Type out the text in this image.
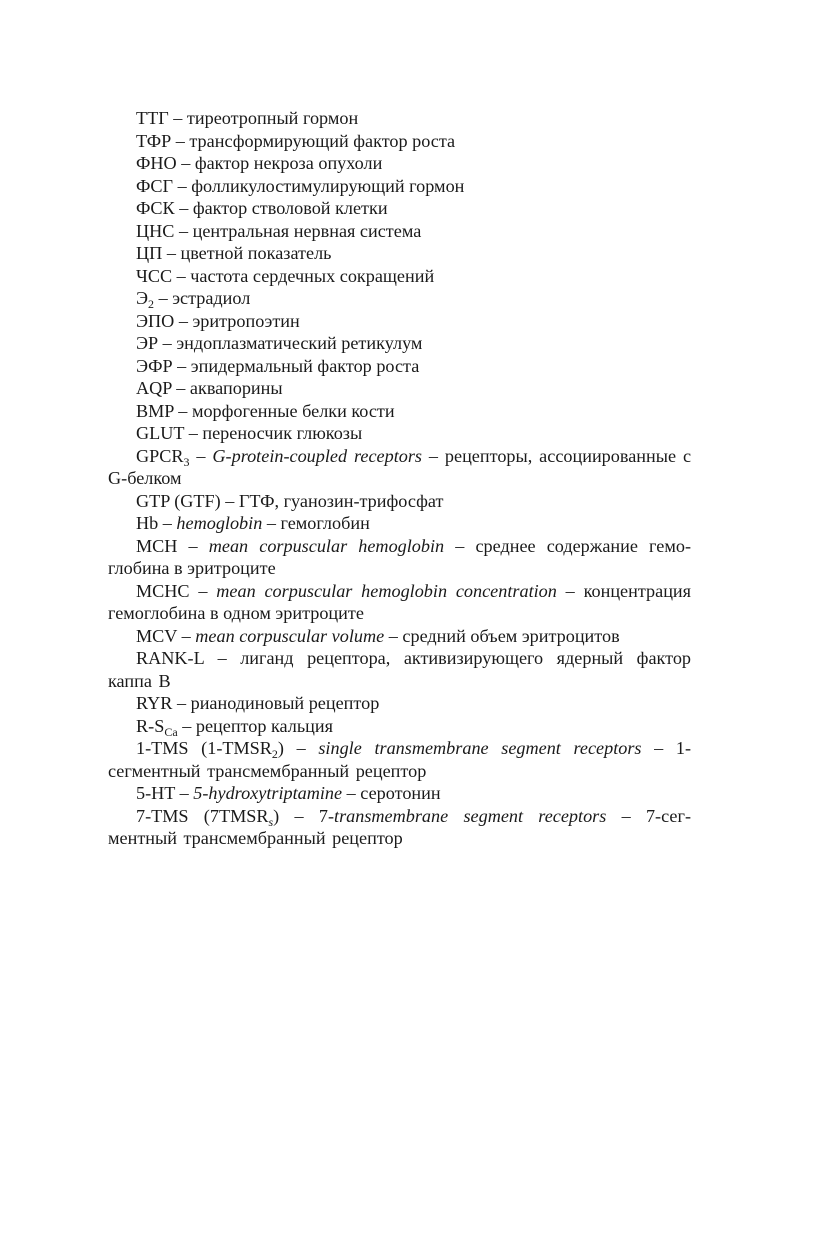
ТТГ – тиреотропный гормон

ТФР – трансформирующий фактор роста

ФНО – фактор некроза опухоли

ФСГ – фолликулостимулирующий гормон

ФСК – фактор стволовой клетки

ЦНС – центральная нервная система

ЦП – цветной показатель

ЧСС – частота сердечных сокращений

$Э_2$ – эстрадиол

ЭПО – эритропоэтин

ЭР – эндоплазматический ретикулум

ЭФР – эпидермальный фактор роста

AQP – аквапорины

BMP – морфогенные белки кости

GLUT – переносчик глюкозы

$GPCR_3$ – G-protein-coupled receptors – рецепторы, ассоциированные с G-белком

GTP (GTF) – ГТФ, гуанозин-трифосфат

Hb – hemoglobin – гемоглобин

MCH – mean corpuscular hemoglobin – среднее содержание гемоглобина в эритроците

MCHC – mean corpuscular hemoglobin concentration – концентрация гемоглобина в одном эритроците

MCV – mean corpuscular volume – средний объем эритроцитов

RANK-L – лиганд рецептора, активизирующего ядерный фактор каппа B

RYR – рианодиновый рецептор

$R-S_{Ca}$ – рецептор кальция

1-TMS $(1-TMSR_2)$ – single transmembrane segment receptors – 1-сегментный трансмембранный рецептор

5-HT – 5-hydroxytriptamine – серотонин

7-TMS $(7TMSR_s)$ – 7-transmembrane segment receptors – 7-сегментный трансмембранный рецептор
